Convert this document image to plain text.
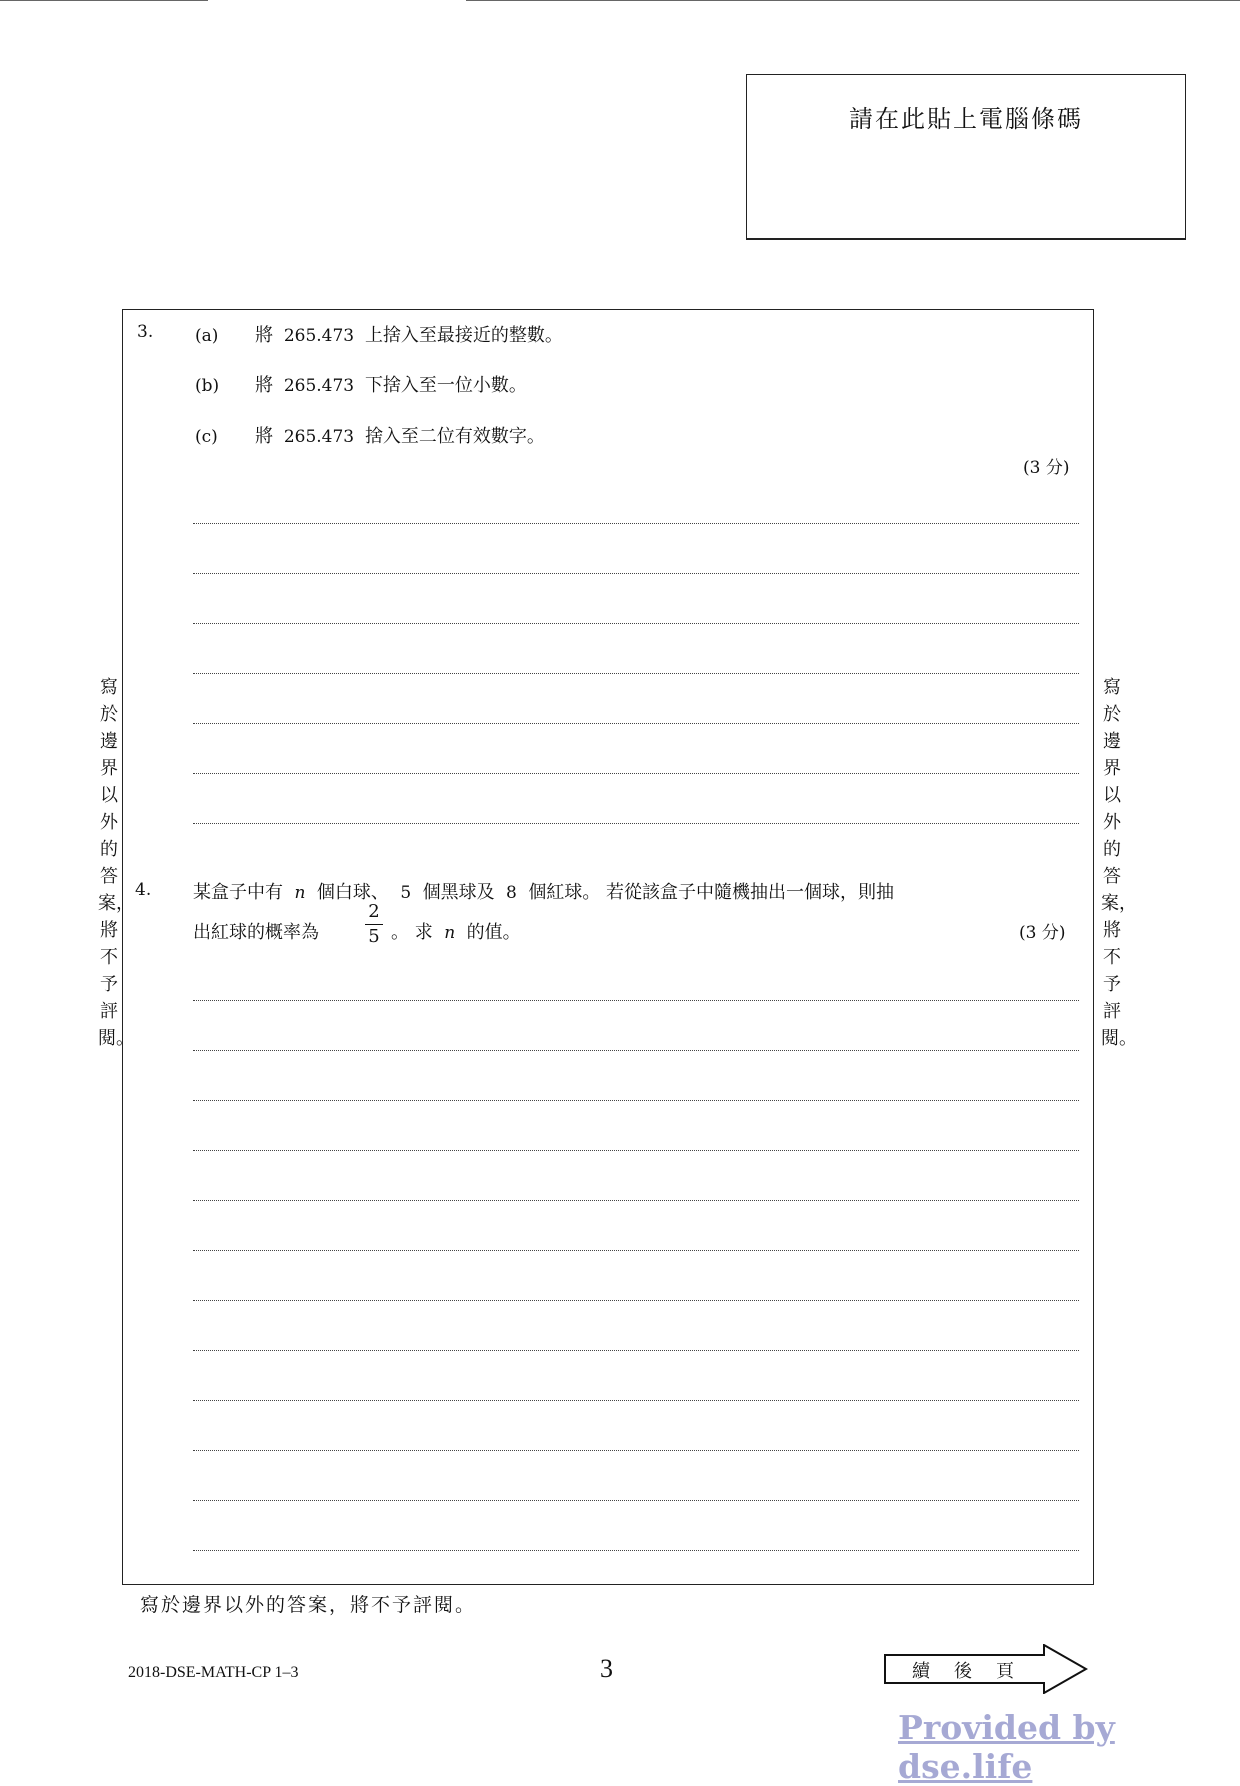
請在此貼上電腦條碼
3. (a) 將 265.473 上捨入至最接近的整數。
(b) 將 265.473 下捨入至一位小數。
(c) 將 265.473 捨入至二位有效數字。
(3 分)
4. 某盒子中有 n 個白球、 5 個黑球及 8 個紅球。 若從該盒子中隨機抽出一個球，則抽
出紅球的概率為
2
5 。 求 n 的值。	(3 分)
寫於邊界以外的答案，將不予評閱。
寫於邊界以外的答案，將不予評閱。
寫於邊界以外的答案，將不予評閱。
2018-DSE-MATH-CP 1–3	3	續後頁
Provided by dse.life
